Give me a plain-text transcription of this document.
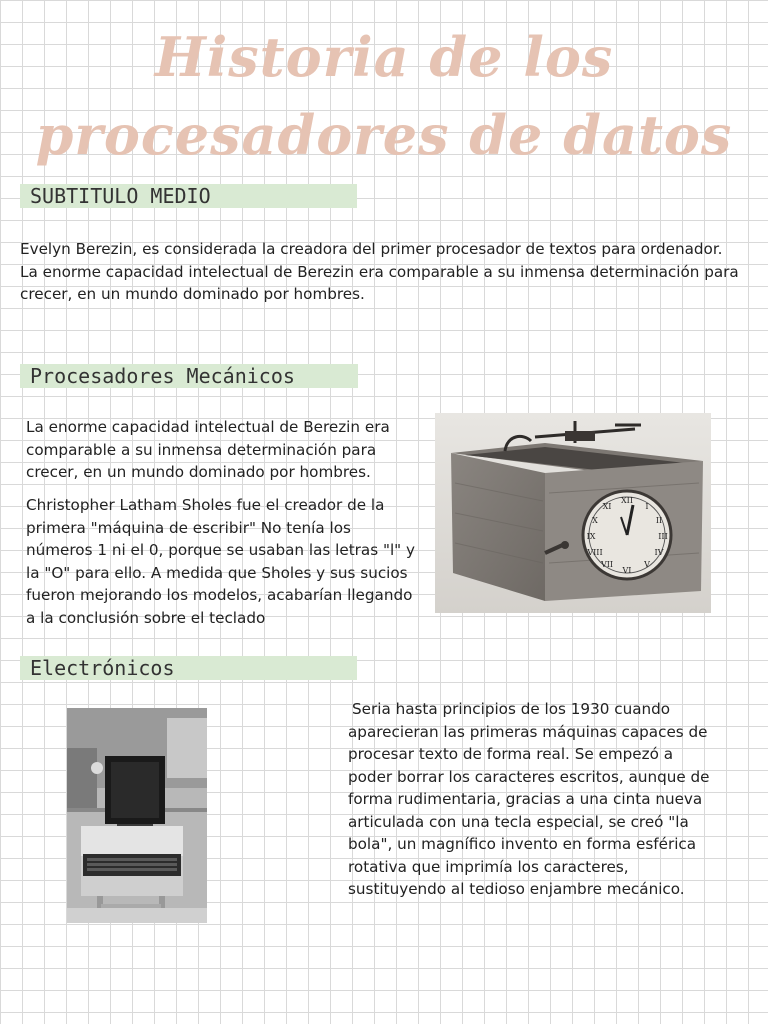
Historia de los procesadores de datos
SUBTITULO MEDIO

Evelyn Berezin, es considerada la creadora del primer procesador de textos para ordenador. La enorme capacidad intelectual de Berezin era comparable a su inmensa determinación para crecer, en un mundo dominado por hombres.

Procesadores Mecánicos

La enorme capacidad intelectual de Berezin era comparable a su inmensa determinación para crecer, en un mundo dominado por hombres.

Christopher Latham Sholes fue el creador de la primera "máquina de escribir" No tenía los números 1 ni el 0, porque se usaban las letras "l" y la "O" para ello. A medida que Sholes y sus sucios fueron mejorando los modelos, acabarían llegando a la conclusión sobre el teclado

XII
I
II
III
IV
V
VI
VII
VIII
IX
X
XI
Electrónicos

Seria hasta principios de los 1930 cuando aparecieran las primeras máquinas capaces de procesar texto de forma real. Se empezó a poder borrar los caracteres escritos, aunque de forma rudimentaria, gracias a una cinta nueva articulada con una tecla especial, se creó "la bola", un magnífico invento en forma esférica rotativa que imprimía los caracteres, sustituyendo al tedioso enjambre mecánico.
